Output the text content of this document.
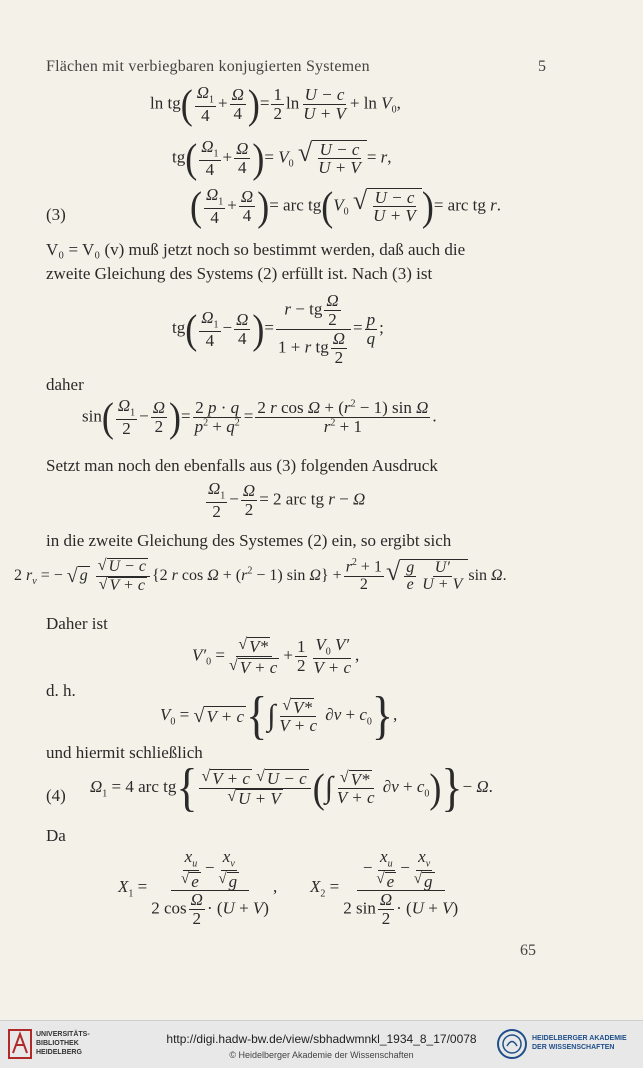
Flächen mit verbiegbaren konjugierten Systemen	5
$\ln tg( \frac{\Omega_1}{4} + \frac{\Omega}{4}$ )= $\frac{1}{2}$ $\ln \frac{U - c}{U + V} + \ln V_0$,
$tg( \frac{\Omega_1}{4} + \frac{\Omega}{4}$ )= $V_0$ √ $\frac{U - c}{U + V} = r$,
(3)	( $\frac{\Omega_1}{4} + \frac{\Omega}{4}$ )= arc $tg(V_0$ √ $\frac{U - c}{U + V}$ )= arc tg r.
V₀ = V₀ (v) muß jetzt noch so bestimmt werden, daß auch die
zweite Gleichung des Systems (2) erfüllt ist. Nach (3) ist
$tg( \frac{\Omega_1}{4} - \frac{\Omega}{4}$ )= $\frac{r - tg \frac{\Omega}{2}}{1 + r tg \frac{\Omega}{2}} = \frac{p}{q}$ ;
daher
$\sin( \frac{\Omega_1}{2} - \frac{\Omega}{2}$ )= $\frac{2 p \cdot q}{p^2 + q^2} = \frac{2 r \cos \Omega + (r^2 - 1) \sin \Omega}{r^2 + 1}$ .
Setzt man noch den ebenfalls aus (3) folgenden Ausdruck
$\frac{\Omega_1}{2} - \frac{\Omega}{2} = 2$ arc tg r − Ω
in die zweite Gleichung des Systemes (2) ein, so ergibt sich
2 $r_v$ = − √ g
$\frac{√ U - c}{√ V + c} \{2$ r $\cos \Omega + (r^2 - 1)$ $\sin \Omega\} + \frac{r^2 + 1}{2}$ √ $\frac{g}{e} \frac{U'}{U + V}$ sin Ω.
Daher ist
$V'_0 = \frac{√ V*}{√ V + c} + \frac{1}{2} \frac{V_0 V'}{V + c}$ ,
d. h.
$V_0$ = √ V + c {∫ $\frac{√ V*}{V + c} \partial v + c_0$},
und hiermit schließlich
(4) $\Omega_1 = 4$ arc tg{ √ V + c
√ U − c
√ U + V (∫ $\frac{√ V*}{V + c} \partial v + c_0)\}- \Omega$.
Da
$X_1 = \frac{\frac{x_u}{√ e} - \frac{x_v}{√ g}}{2 \cos \frac{\Omega}{2} \cdot (U + V)}$ , $X_2 = \frac{- \frac{x_u}{√ e} - \frac{x_v}{√ g}}{2 \sin \frac{\Omega}{2} \cdot (U + V)}$
65
UNIVERSITÄTS-
BIBLIOTHEK
HEIDELBERG
http://digi.hadw-bw.de/view/sbhadwmnkl_1934_8_17/0078
© Heidelberger Akademie der Wissenschaften
HEIDELBERGER AKADEMIE
DER WISSENSCHAFTEN
